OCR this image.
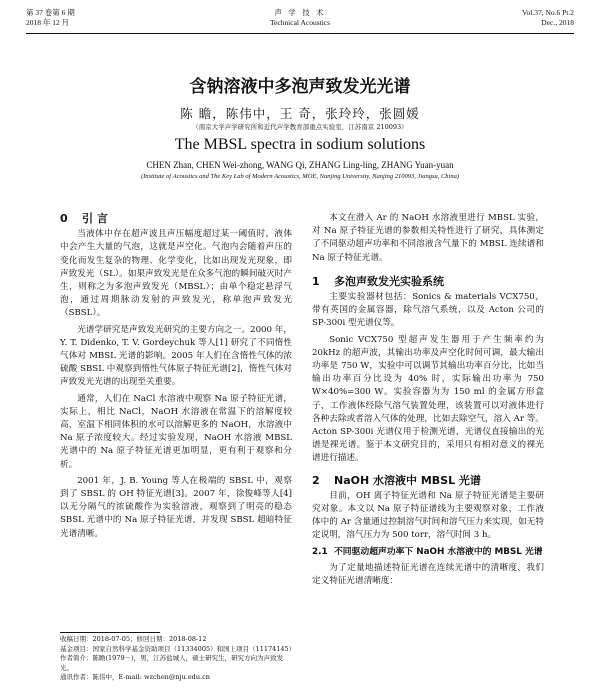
第 37 卷第 6 期
2018 年 12 月
声 学 技 术
Technical Acoustics
Vol.37, No.6 Pt.2
Dec., 2018
含钠溶液中多泡声致发光光谱
陈 瞻，陈伟中，王 奇，张玲玲，张圆媛
（南京大学声学研究所和近代声学教育部重点实验室，江苏南京 210093）
The MBSL spectra in sodium solutions
CHEN Zhan, CHEN Wei-zhong, WANG Qi, ZHANG Ling-ling, ZHANG Yuan-yuan
(Institute of Acoustics and The Key Lab of Modern Acoustics, MOE, Nanjing University, Nanjing 210093, Jiangsu, China)

0 引 言

当液体中存在超声波且声压幅度超过某一阈值时，液体中会产生大量的气泡，这就是声空化。气泡内会随着声压的变化而发生复杂的物理、化学变化，比如出现发光现象，即声致发光（SL）。如果声致发光是在众多气泡的瞬间破灭时产生，则称之为多泡声致发光（MBSL）；由单个稳定悬浮气泡，通过周期脉动发射的声致发光，称单泡声致发光（SBSL）。

光谱学研究是声致发光研究的主要方向之一。2000 年，Y. T. Didenko, T. V. Gordeychuk 等人[1] 研究了不同惰性气体对 MBSL 光谱的影响。2005 年人们在含惰性气体的浓硫酸 SBSL 中观察到惰性气体原子特征光谱[2]，惰性气体对声致发光光谱的出现至关重要。

通常，人们在 NaCl 水溶液中观察 Na 原子特征光谱，实际上，相比 NaCl，NaOH 水溶液在常温下的溶解度较高，室温下相同体积的水可以溶解更多的 NaOH，水溶液中 Na 原子浓度较大。经过实验发现，NaOH 水溶液 MBSL 光谱中的 Na 原子特征光谱更加明显，更有利于观察和分析。

2001 年，J. B. Young 等人在极端的 SBSL 中，观察到了 SBSL 的 OH 特征光谱[3]。2007 年，徐俊峰等人[4] 以无分隔气的浓硫酸作为实验溶液，观察到了明亮的稳态 SBSL 光谱中的 Na 原子特征光谱，并发现 SBSL 超暗特征光谱清晰。

本文在滑入 Ar 的 NaOH 水溶液里进行 MBSL 实验，对 Na 原子特征光谱的参数相关特性进行了研究，具体测定了不同驱动超声功率和不同溶液含气量下的 MBSL 连续谱和 Na 原子特征光谱。

1 多泡声致发光实验系统

主要实验器材包括：Sonics & materials VCX750，带有英国的金属容器，除气溶气系统，以及 Acton 公司的 SP-300i 型光谱仪等。

Sonic VCX750 型超声发生器用于产生频率约为 20kHz 的超声波，其输出功率及声空化时间可调，最大输出功率是 750 W，实验中可以调节其输出功率百分比，比如当输出功率百分比设为 40% 时，实际输出功率为 750 W×40%=300 W。实验容器为为 150 ml 的金属方形盒子，工作液体经除气溶气装置处理，该装置可以对液体进行各种去除或者溶入气体的处理，比如去除空气，溶入 Ar 等。Acton SP-300i 光谱仪用于检测光谱，光谱仪直接输出的光谱是裸光谱。鉴于本文研究目的，采用只有相对意义的裸光谱进行描述。

2 NaOH 水溶液中 MBSL 光谱

目前，OH 离子特征光谱和 Na 原子特征光谱是主要研究对象。本文以 Na 原子特征谱线为主要观察对象，工作液体中的 Ar 含量通过控制溶气时间和溶气压力来实现，如无特定说明，溶气压力为 500 torr，溶气时间 3 h。

2.1 不同驱动超声功率下 NaOH 水溶液中的 MBSL 光谱

为了定量地描述特征光谱在连续光谱中的清晰度，我们定义特征光谱清晰度：

收稿日期：2018-07-05；修回日期：2018-08-12
基金项目：国家自然科学基金资助项目（11334005）和国上项目（11174145）
作者简介：陈瞻(1979－)，男，江苏盐城人，硕士研究生，研究方向为声致发光。
通讯作者：陈伟中，E-mail: wzchen@nju.edu.cn
